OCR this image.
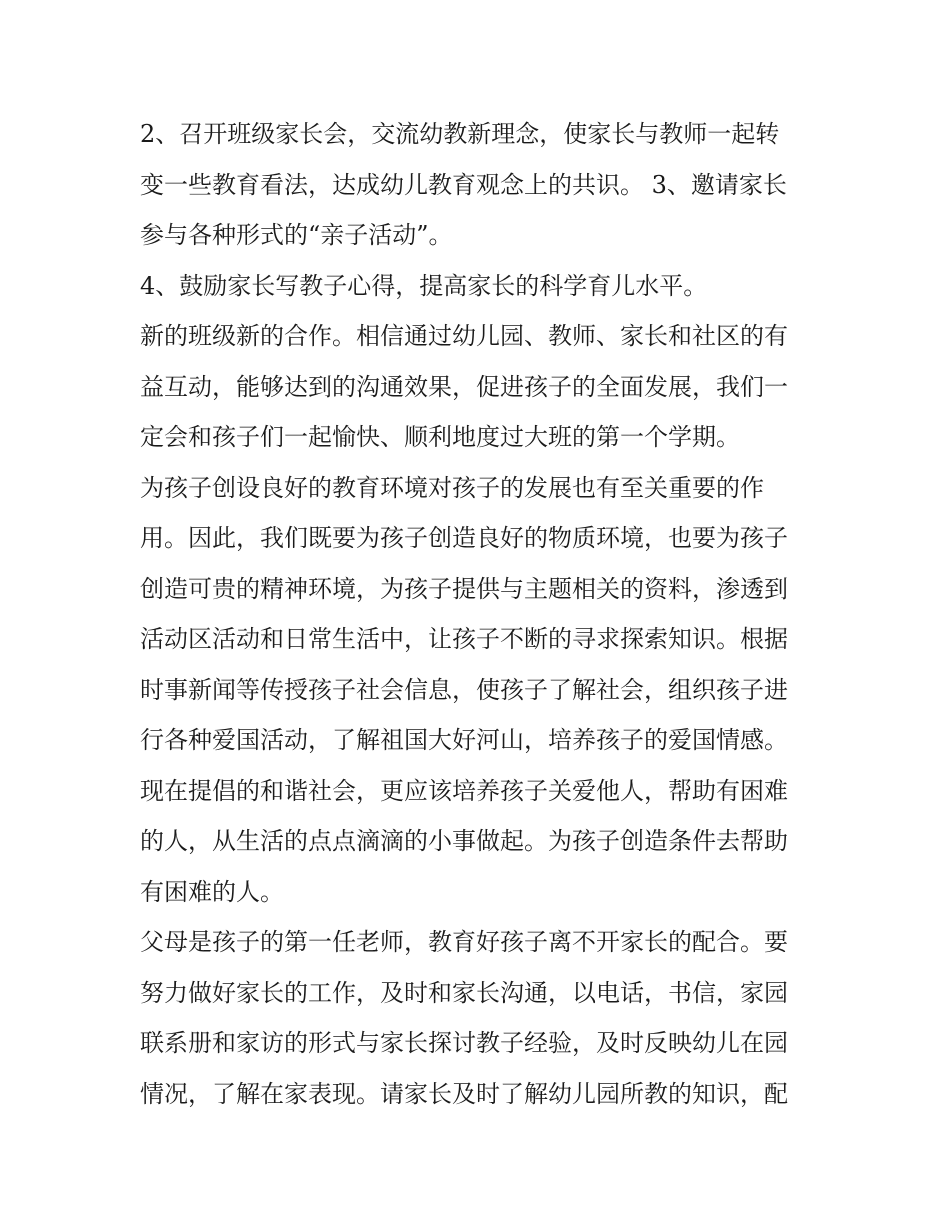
2、召开班级家长会，交流幼教新理念，使家长与教师一起转
变一些教育看法，达成幼儿教育观念上的共识。 3、邀请家长
参与各种形式的“亲子活动”。
4、鼓励家长写教子心得，提高家长的科学育儿水平。
新的班级新的合作。相信通过幼儿园、教师、家长和社区的有
益互动，能够达到的沟通效果，促进孩子的全面发展，我们一
定会和孩子们一起愉快、顺利地度过大班的第一个学期。
为孩子创设良好的教育环境对孩子的发展也有至关重要的作
用。因此，我们既要为孩子创造良好的物质环境，也要为孩子
创造可贵的精神环境，为孩子提供与主题相关的资料，渗透到
活动区活动和日常生活中，让孩子不断的寻求探索知识。根据
时事新闻等传授孩子社会信息，使孩子了解社会，组织孩子进
行各种爱国活动，了解祖国大好河山，培养孩子的爱国情感。
现在提倡的和谐社会，更应该培养孩子关爱他人，帮助有困难
的人，从生活的点点滴滴的小事做起。为孩子创造条件去帮助
有困难的人。
父母是孩子的第一任老师，教育好孩子离不开家长的配合。要
努力做好家长的工作，及时和家长沟通，以电话，书信，家园
联系册和家访的形式与家长探讨教子经验，及时反映幼儿在园
情况，了解在家表现。请家长及时了解幼儿园所教的知识，配
